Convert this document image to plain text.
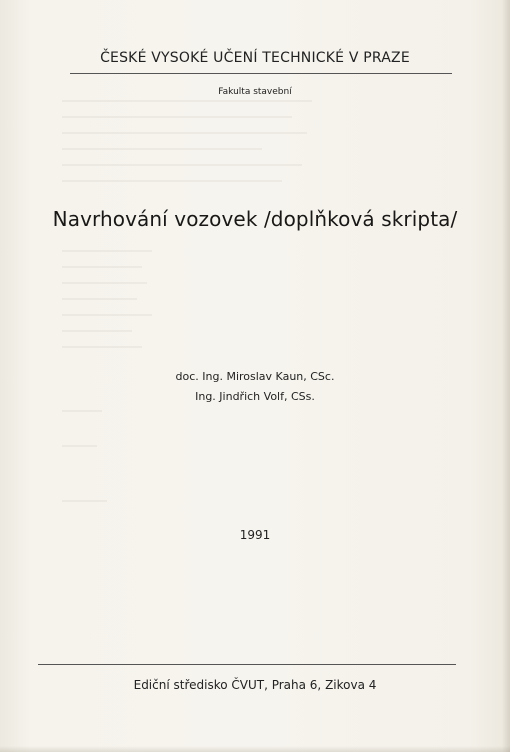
ČESKÉ VYSOKÉ UČENÍ TECHNICKÉ V PRAZE
Fakulta stavební
Navrhování vozovek /doplňková skripta/
doc. Ing. Miroslav Kaun, CSc.
Ing. Jindřich Volf, CSs.
1991
Ediční středisko ČVUT, Praha 6, Zikova 4
